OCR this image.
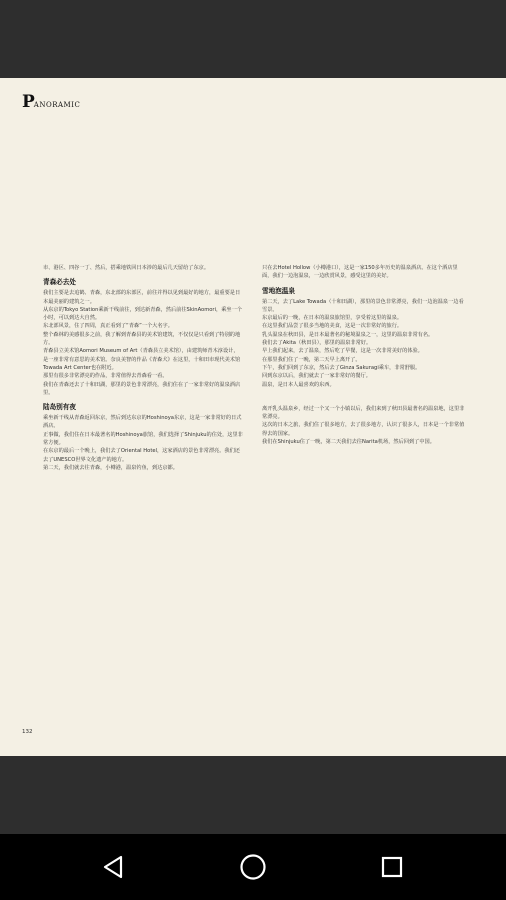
P ANORAMIC

市、港区、四谷一丁、然后，搭乘地铁回日本涉的最后几天留给了东京。

青森必去处

我们主要是去追鹤、青森，东北部的东部区，前往并得以见到最好的地方，最重要是日本最美丽的建筑之一。

从东京的Tokyo Station乘新干线前往，到达新青森，然后前往SkinAomori，乘坐一个小时，可以到达大自然。

东北部风景，住了四周，真正看到了“青森”一个大名字。

整个森林的美感很多之前，我了解到青森县的美术馆建筑，不仅仅是只看到了特别的地方。

青森县立美术馆Aomori Museum of Art（青森县立美术馆），由建筑师青木淳设计，是一座非常有意思的美术馆。奈良美智的作品《青森犬》在这里，十和田市现代美术馆Towada Art Center也在附近。

那里有很多非常漂亮的作品，非常值得去青森看一看。

我们在青森还去了十和田湖，那里的景色非常漂亮，我们住在了一家非常好的温泉酒店里。

陆岛别有夜

乘坐新干线从青森返回东京，然后到达东京的Hoshinoya东京，这是一家非常好的日式酒店。

正事做，我们住在日本最著名的Hoshinoya旅馆，我们选择了Shinjuku的住处，这里非常方便。

在东京的最后一个晚上，我们去了Oriental Hotel，这家酒店的景色非常漂亮。我们还去了UNESCO世界文化遗产的地方。

第二天，我们就去往青森，小樽港，温泉钓鱼，到达京都。

只在去Hotel Hollow（小樽港口），这是一家150多年历史的温泉酒店。在这个酒店里面，我们一边泡温泉，一边欣赏风景，感受这里的美好。

雪地泡温泉

第二天，去了Lake Towada（十和田湖），那里的景色非常漂亮，我们一边泡温泉一边看雪景。

东京最后的一晚，在日本的温泉旅馆里，享受着这里的温泉。

在这里我们品尝了很多当地的美食，这是一次非常好的旅行。

乳头温泉在秋田县，是日本最著名的秘境温泉之一，这里的温泉非常有名。

我们去了Akita（秋田县），那里的温泉非常好。

早上我们起来，去了温泉，然后吃了早餐，这是一次非常美好的体验。

在那里我们住了一晚，第二天早上离开了。

下午，我们回到了东京，然后去了Ginza Sakuragi乘车，非常舒服。

回到东京以后，我们就去了一家非常好的餐厅。

温泉，是日本人最喜欢的东西。

离开乳头温泉乡，经过一个又一个小镇以后，我们来到了秋田县最著名的温泉地，这里非常漂亮。

这次的日本之旅，我们住了很多地方，去了很多地方，认识了很多人，日本是一个非常值得去的国家。

我们在Shinjuku住了一晚，第二天我们去往Narita机场，然后回到了中国。

132
